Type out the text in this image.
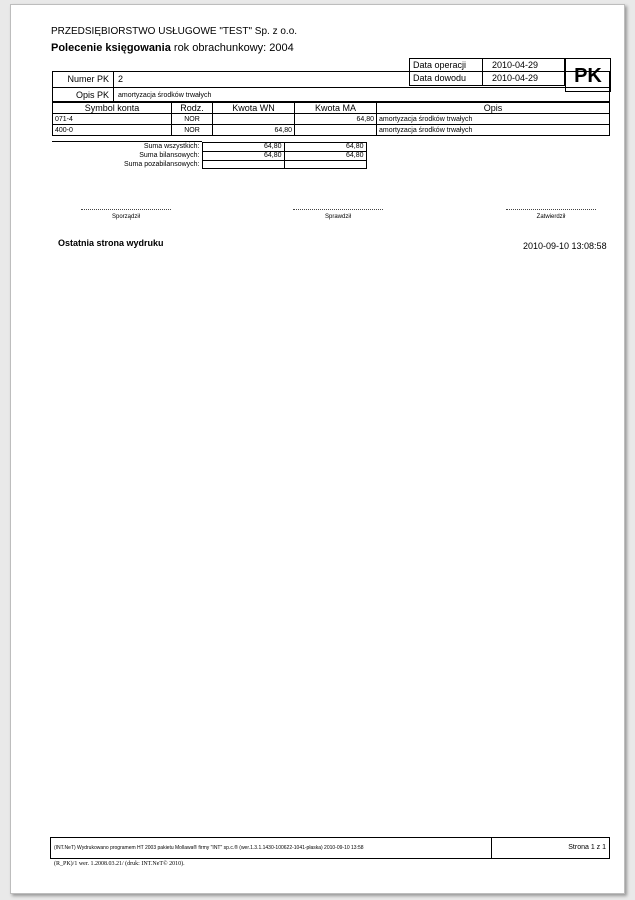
PRZEDSIĘBIORSTWO USŁUGOWE "TEST" Sp. z o.o.
Polecenie księgowania rok obrachunkowy: 2004
Data operacji	2010-04-29
Data dowodu	2010-04-29	PK
Numer PK	2
Opis PK	amortyzacja środków trwałych
Symbol konta	Rodz.	Kwota WN	Kwota MA	Opis
071-4	NOR		64,80	amortyzacja środków trwałych
400-0	NOR	64,80		amortyzacja środków trwałych
Suma wszystkich:	64,80	64,80
Suma bilansowych:	64,80	64,80
Suma pozabilansowych:		
Sporządził	Sprawdził	Zatwierdził
Ostatnia strona wydruku	2010-09-10 13:08:58
(INT.NeT) Wydrukowano programem HT 2003 pakietu Mollawa® firmy "INT" sp.c.® (wer.1.3.1.1430-100622-1041-płaska) 2010-09-10 13:58	Strona 1 z 1
(R_PK)/1 wer. 1.2008.03.21/ (druk: INT.NeT© 2010).
